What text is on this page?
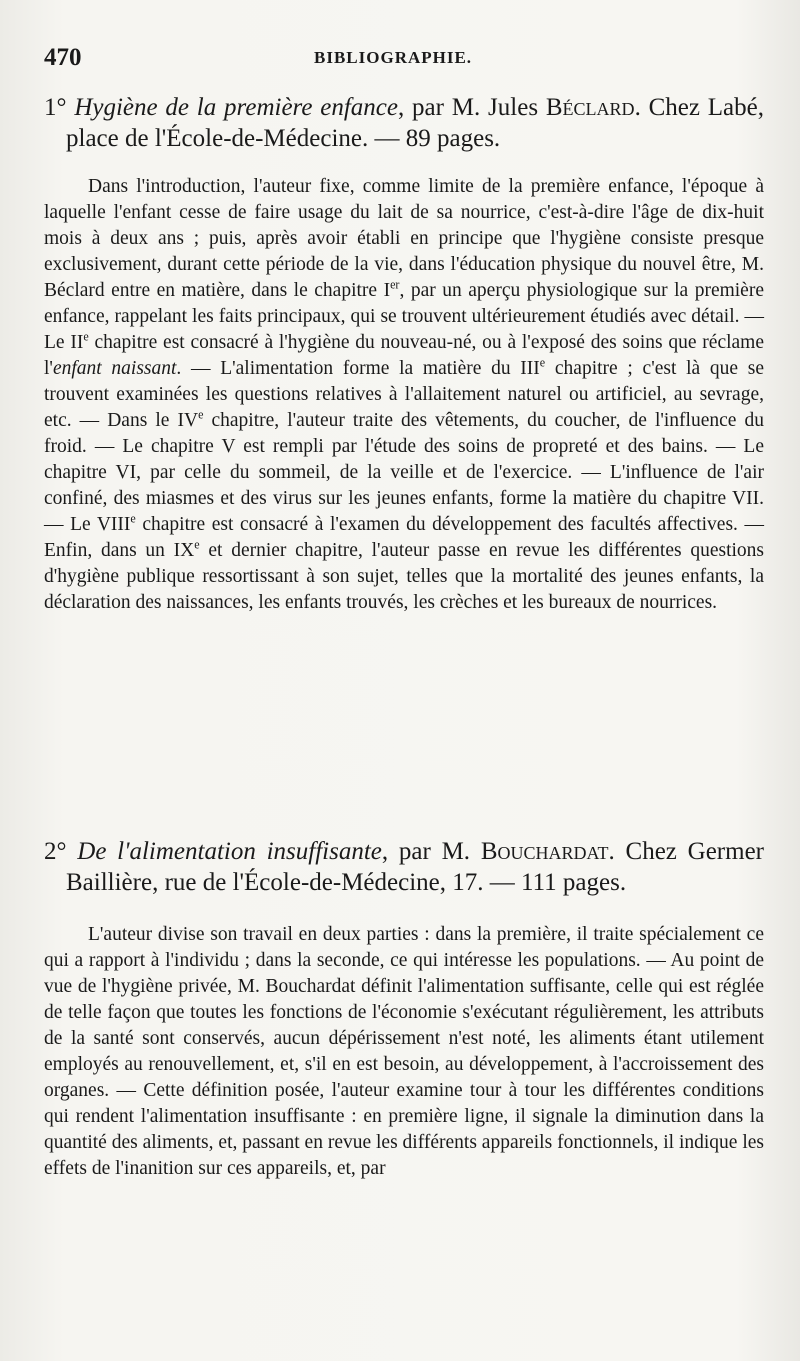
470	BIBLIOGRAPHIE.

1° Hygiène de la première enfance, par M. Jules Béclard. Chez Labé, place de l'École-de-Médecine. — 89 pages.

Dans l'introduction, l'auteur fixe, comme limite de la première enfance, l'époque à laquelle l'enfant cesse de faire usage du lait de sa nourrice, c'est-à-dire l'âge de dix-huit mois à deux ans ; puis, après avoir établi en principe que l'hygiène consiste presque exclusivement, durant cette période de la vie, dans l'éducation physique du nouvel être, M. Béclard entre en matière, dans le chapitre Ier, par un aperçu physiologique sur la première enfance, rappelant les faits principaux, qui se trouvent ultérieurement étudiés avec détail. — Le IIe chapitre est consacré à l'hygiène du nouveau-né, ou à l'exposé des soins que réclame l'enfant naissant. — L'alimentation forme la matière du IIIe chapitre ; c'est là que se trouvent examinées les questions relatives à l'allaitement naturel ou artificiel, au sevrage, etc. — Dans le IVe chapitre, l'auteur traite des vêtements, du coucher, de l'influence du froid. — Le chapitre V est rempli par l'étude des soins de propreté et des bains. — Le chapitre VI, par celle du sommeil, de la veille et de l'exercice. — L'influence de l'air confiné, des miasmes et des virus sur les jeunes enfants, forme la matière du chapitre VII. — Le VIIIe chapitre est consacré à l'examen du développement des facultés affectives. — Enfin, dans un IXe et dernier chapitre, l'auteur passe en revue les différentes questions d'hygiène publique ressortissant à son sujet, telles que la mortalité des jeunes enfants, la déclaration des naissances, les enfants trouvés, les crèches et les bureaux de nourrices.

2° De l'alimentation insuffisante, par M. Bouchardat. Chez Germer Baillière, rue de l'École-de-Médecine, 17. — 111 pages.

L'auteur divise son travail en deux parties : dans la première, il traite spécialement ce qui a rapport à l'individu ; dans la seconde, ce qui intéresse les populations. — Au point de vue de l'hygiène privée, M. Bouchardat définit l'alimentation suffisante, celle qui est réglée de telle façon que toutes les fonctions de l'économie s'exécutant régulièrement, les attributs de la santé sont conservés, aucun dépérissement n'est noté, les aliments étant utilement employés au renouvellement, et, s'il en est besoin, au développement, à l'accroissement des organes. — Cette définition posée, l'auteur examine tour à tour les différentes conditions qui rendent l'alimentation insuffisante : en première ligne, il signale la diminution dans la quantité des aliments, et, passant en revue les différents appareils fonctionnels, il indique les effets de l'inanition sur ces appareils, et, par
